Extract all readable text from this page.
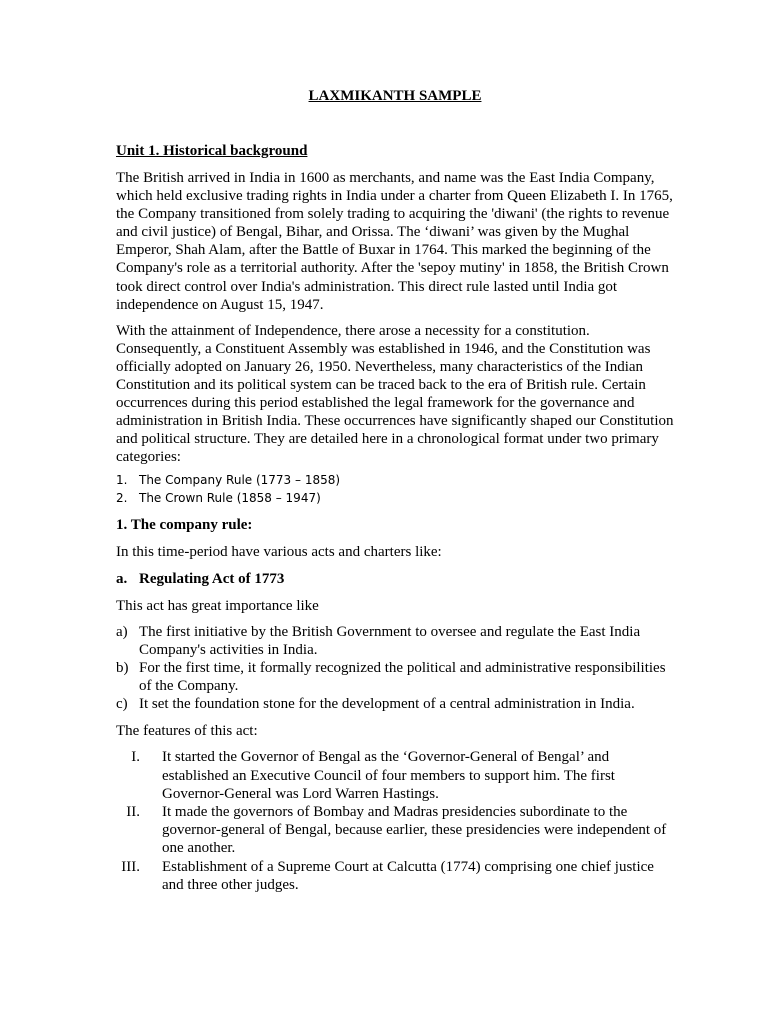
LAXMIKANTH SAMPLE
Unit 1. Historical background

The British arrived in India in 1600 as merchants, and name was the East India Company, which held exclusive trading rights in India under a charter from Queen Elizabeth I. In 1765, the Company transitioned from solely trading to acquiring the 'diwani' (the rights to revenue and civil justice) of Bengal, Bihar, and Orissa. The ‘diwani’ was given by the Mughal Emperor, Shah Alam, after the Battle of Buxar in 1764. This marked the beginning of the Company's role as a territorial authority. After the 'sepoy mutiny' in 1858, the British Crown took direct control over India's administration. This direct rule lasted until India got independence on August 15, 1947.

With the attainment of Independence, there arose a necessity for a constitution. Consequently, a Constituent Assembly was established in 1946, and the Constitution was officially adopted on January 26, 1950. Nevertheless, many characteristics of the Indian Constitution and its political system can be traced back to the era of British rule. Certain occurrences during this period established the legal framework for the governance and administration in British India. These occurrences have significantly shaped our Constitution and political structure. They are detailed here in a chronological format under two primary categories:

1. The Company Rule (1773 – 1858)
2. The Crown Rule (1858 – 1947)

1. The company rule:

In this time-period have various acts and charters like:

a. Regulating Act of 1773

This act has great importance like

a) The first initiative by the British Government to oversee and regulate the East India Company's activities in India.
b) For the first time, it formally recognized the political and administrative responsibilities of the Company.
c) It set the foundation stone for the development of a central administration in India.

The features of this act:

I. It started the Governor of Bengal as the ‘Governor-General of Bengal’ and established an Executive Council of four members to support him. The first Governor-General was Lord Warren Hastings.
II. It made the governors of Bombay and Madras presidencies subordinate to the governor-general of Bengal, because earlier, these presidencies were independent of one another.
III. Establishment of a Supreme Court at Calcutta (1774) comprising one chief justice and three other judges.
